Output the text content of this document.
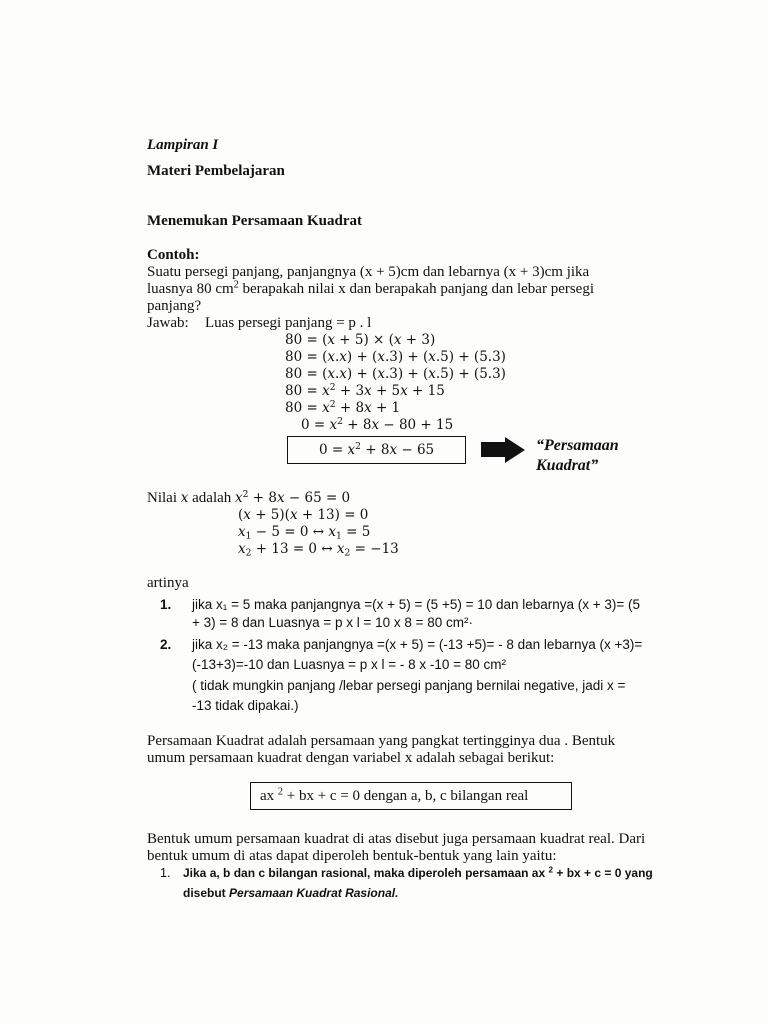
Lampiran I
Materi Pembelajaran
Menemukan Persamaan Kuadrat
Contoh:
Suatu persegi panjang, panjangnya (x + 5)cm dan lebarnya (x + 3)cm jika
luasnya 80 $cm^2$ berapakah nilai x dan berapakah panjang dan lebar persegi
panjang?
Jawab: Luas persegi panjang = p . l
80 = (x + 5) × (x + 3)
80 = (x.x) + (x.3) + (x.5) + (5.3)
80 = (x.x) + (x.3) + (x.5) + (5.3)
$80 = x^2 + 3x + 5x + 15$
$80 = x^2 + 8x + 1$
$0 = x^2 + 8x - 80 + 15$
$0 = x^2 + 8x - 65$	“Persamaan
Kuadrat”
Nilai x adalah $x^2 + 8x - 65 = 0$
(x + 5)(x + 13) = 0
$x_1 - 5 = 0$ ↔ $x_1 = 5$
$x_2 + 13 = 0$ ↔ $x_2 = -13$
artinya
1. jika x₁ = 5 maka panjangnya =(x + 5) = (5 +5) = 10 dan lebarnya (x + 3)= (5
+ 3) = 8 dan Luasnya = p x l = 10 x 8 = 80 cm²·
2. jika x₂ = -13 maka panjangnya =(x + 5) = (-13 +5)= - 8 dan lebarnya (x +3)=
(-13+3)=-10 dan Luasnya = p x l = - 8 x -10 = 80 cm²
( tidak mungkin panjang /lebar persegi panjang bernilai negative, jadi x =
-13 tidak dipakai.)
Persamaan Kuadrat adalah persamaan yang pangkat tertingginya dua . Bentuk
umum persamaan kuadrat dengan variabel x adalah sebagai berikut:
ax $^2$ + bx + c = 0 dengan a, b, c bilangan real
Bentuk umum persamaan kuadrat di atas disebut juga persamaan kuadrat real. Dari
bentuk umum di atas dapat diperoleh bentuk-bentuk yang lain yaitu:
1. Jika a, b dan c bilangan rasional, maka diperoleh persamaan ax $^2$ + bx + c = 0 yang
disebut Persamaan Kuadrat Rasional.
